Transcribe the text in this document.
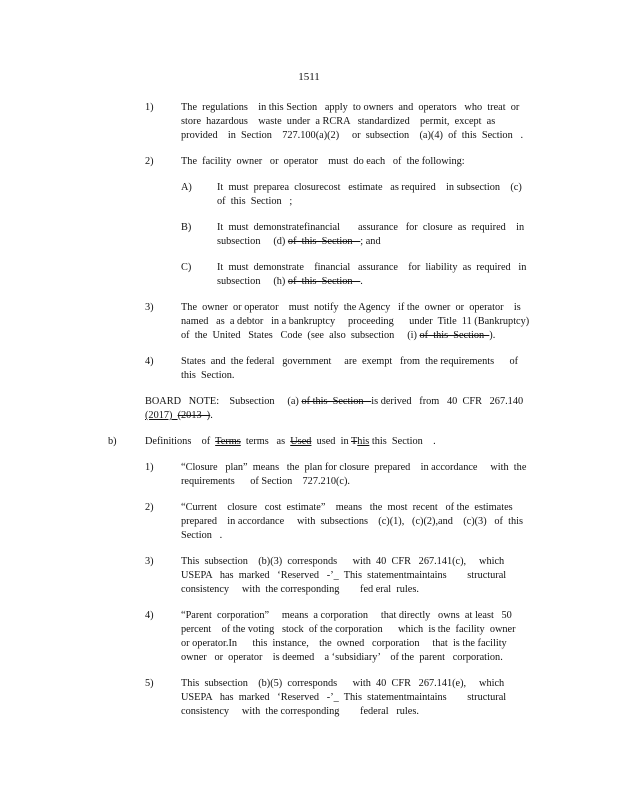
1511
1)	The  regulations    in this Section   apply  to owners  and  operators   who  treat  or
store  hazardous    waste  under  a RCRA   standardized    permit,  except  as
provided    in  Section    727.100(a)(2)     or  subsection    (a)(4)  of  this  Section   .
2)	The  facility  owner   or  operator    must  do each   of  the following:
A) It  must  preparea  closurecost   estimate   as required    in subsection    (c)
of  this  Section   ;
B) It  must  demonstratefinancial       assurance   for  closure  as  required    in
subsection     (d) of  this  Section   ; and
C) It  must  demonstrate    financial   assurance    for  liability  as  required   in
subsection     (h) of  this  Section   .
3)	The  owner  or operator    must  notify  the Agency   if the  owner  or  operator    is
named   as  a debtor   in a bankruptcy     proceeding      under  Title  11 (Bankruptcy)
of  the  United   States   Code  (see  also  subsection     (i) of  this  Section  ).
4)	States  and  the federal   government     are  exempt   from  the requirements      of
this  Section.
BOARD   NOTE:    Subsection     (a) of this  Section   is derived   from   40  CFR   267.140
(2017)  (2013  ).
b)	Definitions    of  Terms  terms   as  Used  used  in This this  Section    .
1)	“Closure   plan”  means   the  plan for closure  prepared    in accordance     with  the
requirements      of Section    727.210(c).
2)	“Current    closure   cost  estimate”    means   the  most  recent   of the  estimates
prepared    in accordance     with  subsections    (c)(1),   (c)(2),and    (c)(3)   of  this
Section   .
3)	This  subsection    (b)(3)  corresponds      with  40  CFR   267.141(c),     which
USEPA   has  marked   ‘Reserved   -’_  This  statementmaintains        structural
consistency     with  the corresponding        fed eral  rules.
4)	“Parent  corporation”     means  a corporation     that directly   owns  at least   50
percent    of the voting   stock  of the corporation      which  is the  facility  owner
or operator.In      this  instance,    the  owned   corporation     that  is the facility
owner   or  operator    is deemed    a ‘subsidiary’    of the  parent   corporation.
5)	This  subsection    (b)(5)  corresponds      with  40  CFR   267.141(e),     which
USEPA   has  marked   ‘Reserved   -’_  This  statementmaintains        structural
consistency     with  the corresponding        federal   rules.
